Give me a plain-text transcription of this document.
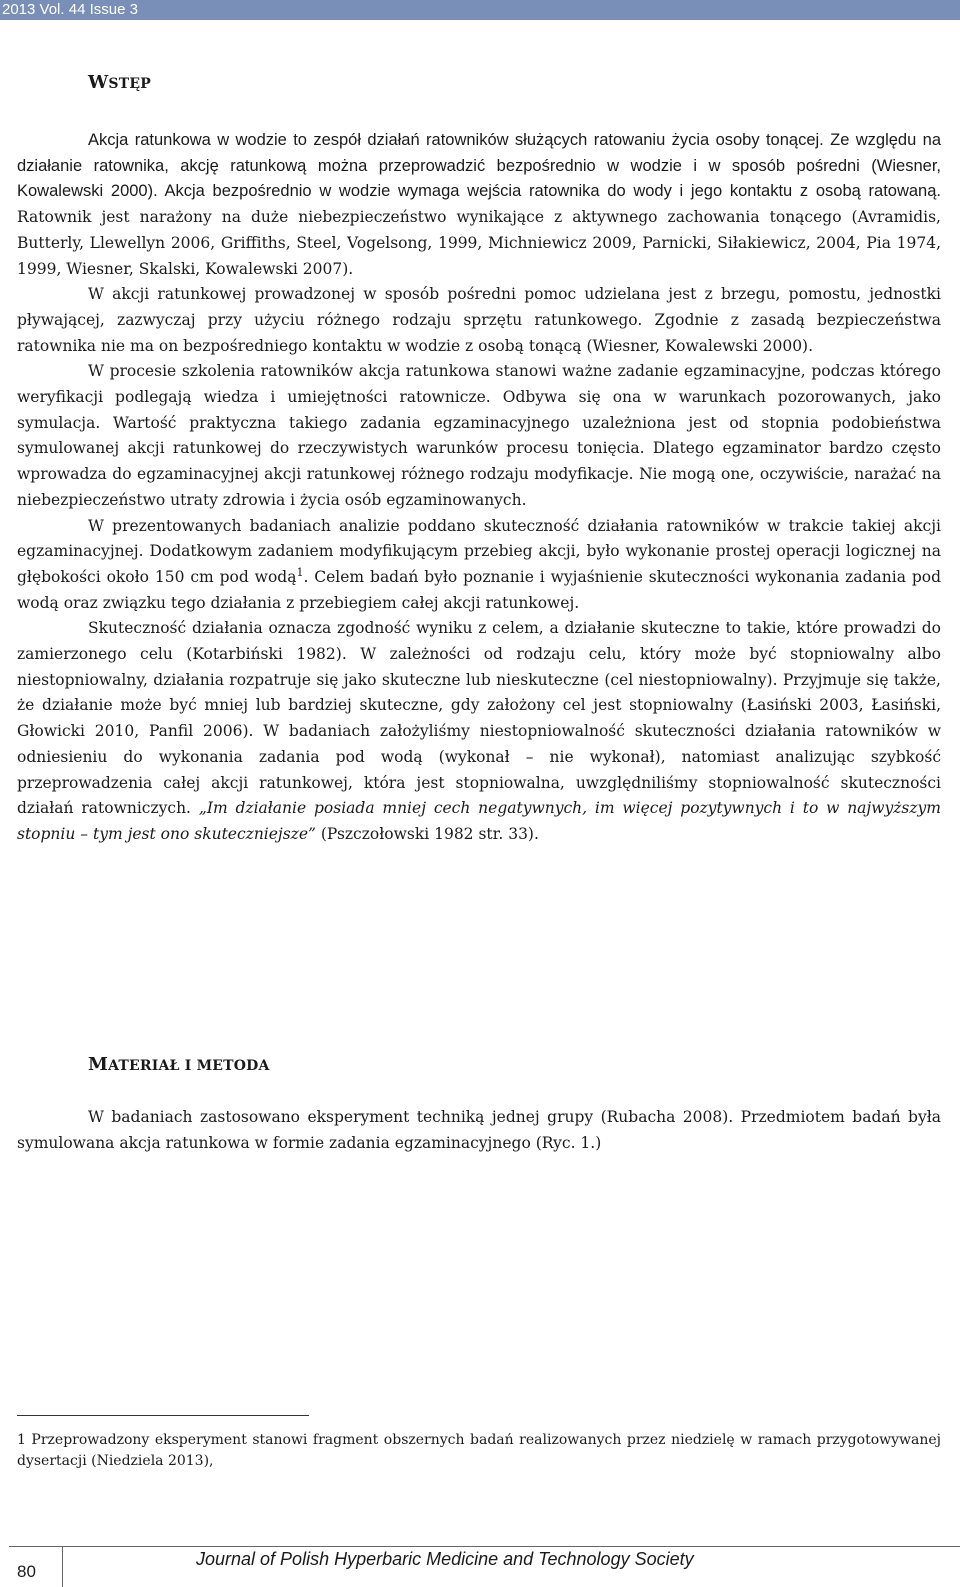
2013 Vol. 44 Issue 3
WSTĘP

Akcja ratunkowa w wodzie to zespół działań ratowników służących ratowaniu życia osoby tonącej. Ze względu na działanie ratownika, akcję ratunkową można przeprowadzić bezpośrednio w wodzie i w sposób pośredni (Wiesner, Kowalewski 2000). Akcja bezpośrednio w wodzie wymaga wejścia ratownika do wody i jego kontaktu z osobą ratowaną. Ratownik jest narażony na duże niebezpieczeństwo wynikające z aktywnego zachowania tonącego (Avramidis, Butterly, Llewellyn 2006, Griffiths, Steel, Vogelsong, 1999, Michniewicz 2009, Parnicki, Siłakiewicz, 2004, Pia 1974, 1999, Wiesner, Skalski, Kowalewski 2007).

W akcji ratunkowej prowadzonej w sposób pośredni pomoc udzielana jest z brzegu, pomostu, jednostki pływającej, zazwyczaj przy użyciu różnego rodzaju sprzętu ratunkowego. Zgodnie z zasadą bezpieczeństwa ratownika nie ma on bezpośredniego kontaktu w wodzie z osobą tonącą (Wiesner, Kowalewski 2000).

W procesie szkolenia ratowników akcja ratunkowa stanowi ważne zadanie egzaminacyjne, podczas którego weryfikacji podlegają wiedza i umiejętności ratownicze. Odbywa się ona w warunkach pozorowanych, jako symulacja. Wartość praktyczna takiego zadania egzaminacyjnego uzależniona jest od stopnia podobieństwa symulowanej akcji ratunkowej do rzeczywistych warunków procesu tonięcia. Dlatego egzaminator bardzo często wprowadza do egzaminacyjnej akcji ratunkowej różnego rodzaju modyfikacje. Nie mogą one, oczywiście, narażać na niebezpieczeństwo utraty zdrowia i życia osób egzaminowanych.

W prezentowanych badaniach analizie poddano skuteczność działania ratowników w trakcie takiej akcji egzaminacyjnej. Dodatkowym zadaniem modyfikującym przebieg akcji, było wykonanie prostej operacji logicznej na głębokości około 150 cm pod wodą$^1$. Celem badań było poznanie i wyjaśnienie skuteczności wykonania zadania pod wodą oraz związku tego działania z przebiegiem całej akcji ratunkowej.

Skuteczność działania oznacza zgodność wyniku z celem, a działanie skuteczne to takie, które prowadzi do zamierzonego celu (Kotarbiński 1982). W zależności od rodzaju celu, który może być stopniowalny albo niestopniowalny, działania rozpatruje się jako skuteczne lub nieskuteczne (cel niestopniowalny). Przyjmuje się także, że działanie może być mniej lub bardziej skuteczne, gdy założony cel jest stopniowalny (Łasiński 2003, Łasiński, Głowicki 2010, Panfil 2006). W badaniach założyliśmy niestopniowalność skuteczności działania ratowników w odniesieniu do wykonania zadania pod wodą (wykonał – nie wykonał), natomiast analizując szybkość przeprowadzenia całej akcji ratunkowej, która jest stopniowalna, uwzględniliśmy stopniowalność skuteczności działań ratowniczych. „Im działanie posiada mniej cech negatywnych, im więcej pozytywnych i to w najwyższym stopniu – tym jest ono skuteczniejsze” (Pszczołowski 1982 str. 33).

MATERIAŁ I METODA

W badaniach zastosowano eksperyment techniką jednej grupy (Rubacha 2008). Przedmiotem badań była symulowana akcja ratunkowa w formie zadania egzaminacyjnego (Ryc. 1.)

1 Przeprowadzony eksperyment stanowi fragment obszernych badań realizowanych przez niedzielę w ramach przygotowywanej dysertacji (Niedziela 2013),
Journal of Polish Hyperbaric Medicine and Technology Society
80
